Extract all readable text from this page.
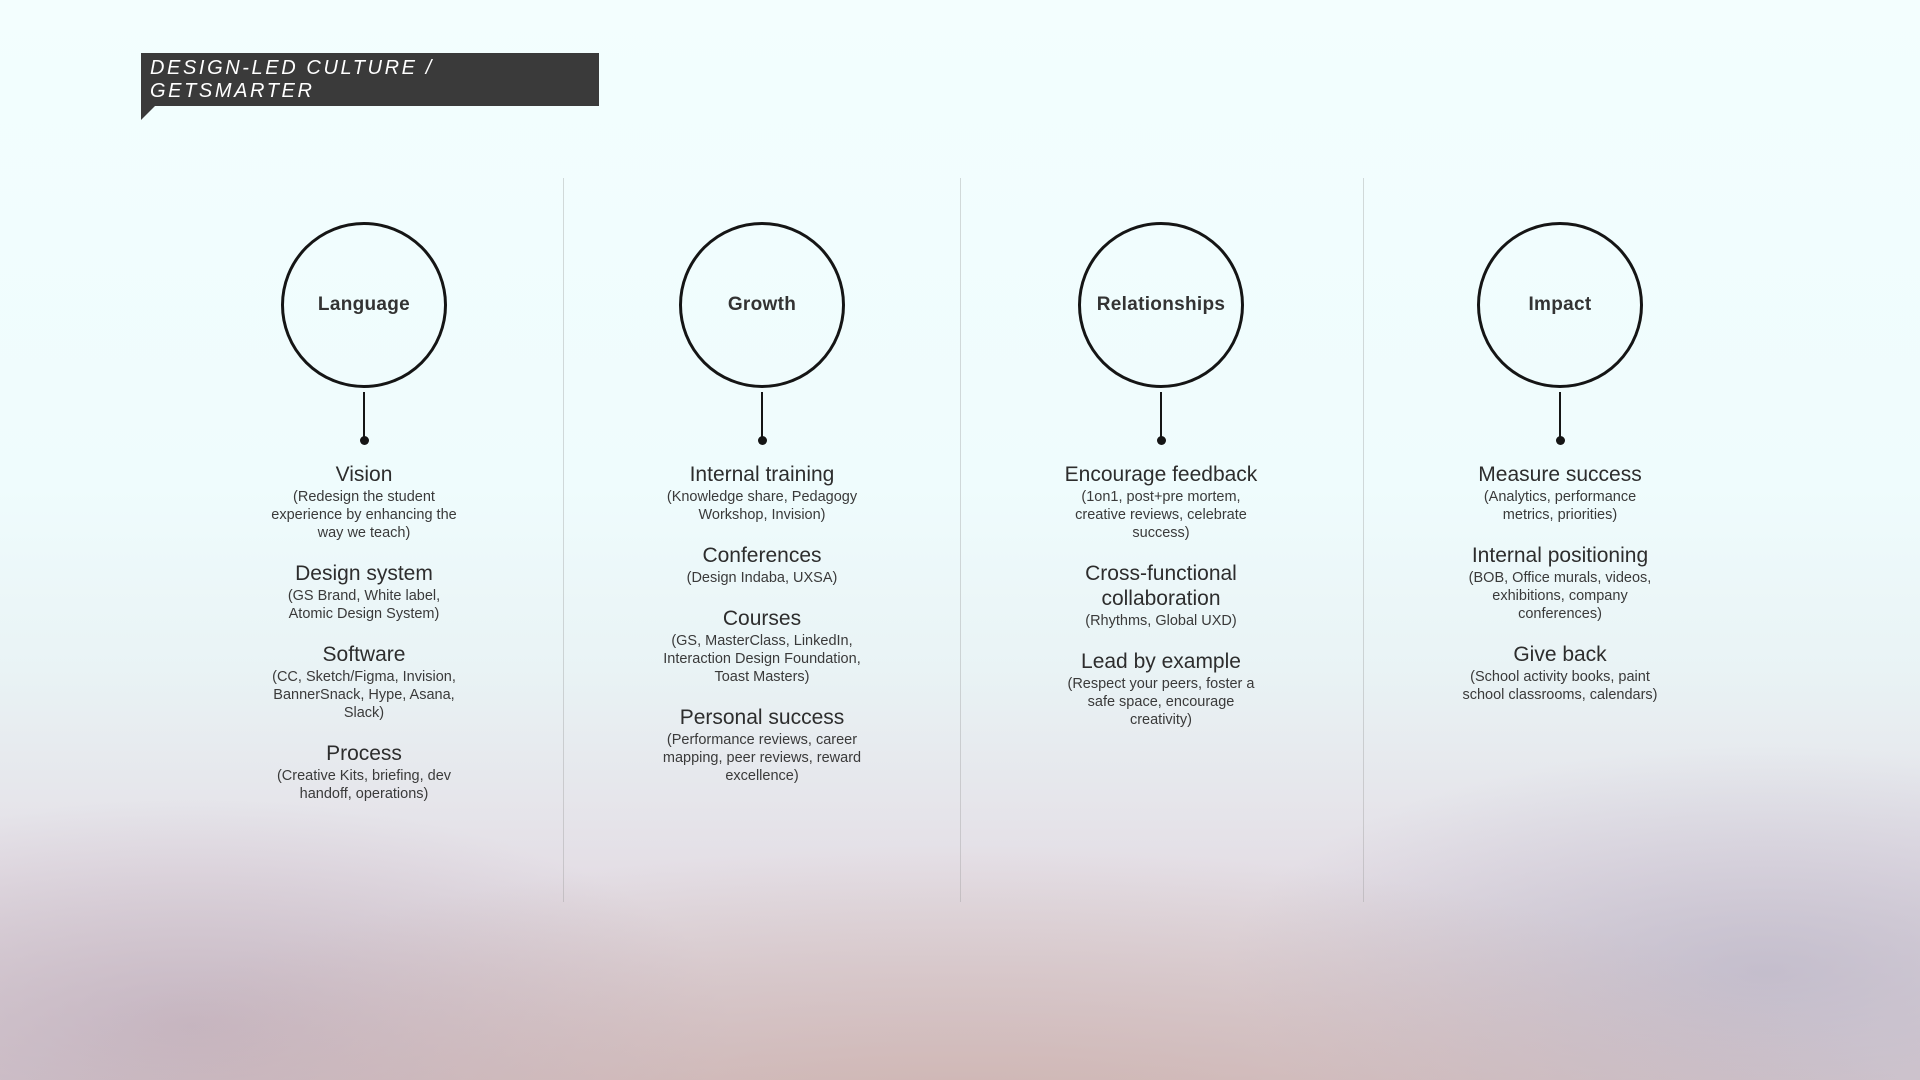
DESIGN-LED CULTURE / GETSMARTER
Language
Vision
(Redesign the student
experience by enhancing the
way we teach)
Design system
(GS Brand, White label,
Atomic Design System)
Software
(CC, Sketch/Figma, Invision,
BannerSnack, Hype, Asana,
Slack)
Process
(Creative Kits, briefing, dev
handoff, operations)
Growth
Internal training
(Knowledge share, Pedagogy
Workshop, Invision)
Conferences
(Design Indaba, UXSA)
Courses
(GS, MasterClass, LinkedIn,
Interaction Design Foundation,
Toast Masters)
Personal success
(Performance reviews, career
mapping, peer reviews, reward
excellence)
Relationships
Encourage feedback
(1on1, post+pre mortem,
creative reviews, celebrate
success)
Cross-functional
collaboration
(Rhythms, Global UXD)
Lead by example
(Respect your peers, foster a
safe space, encourage
creativity)
Impact
Measure success
(Analytics, performance
metrics, priorities)
Internal positioning
(BOB, Office murals, videos,
exhibitions, company
conferences)
Give back
(School activity books, paint
school classrooms, calendars)
